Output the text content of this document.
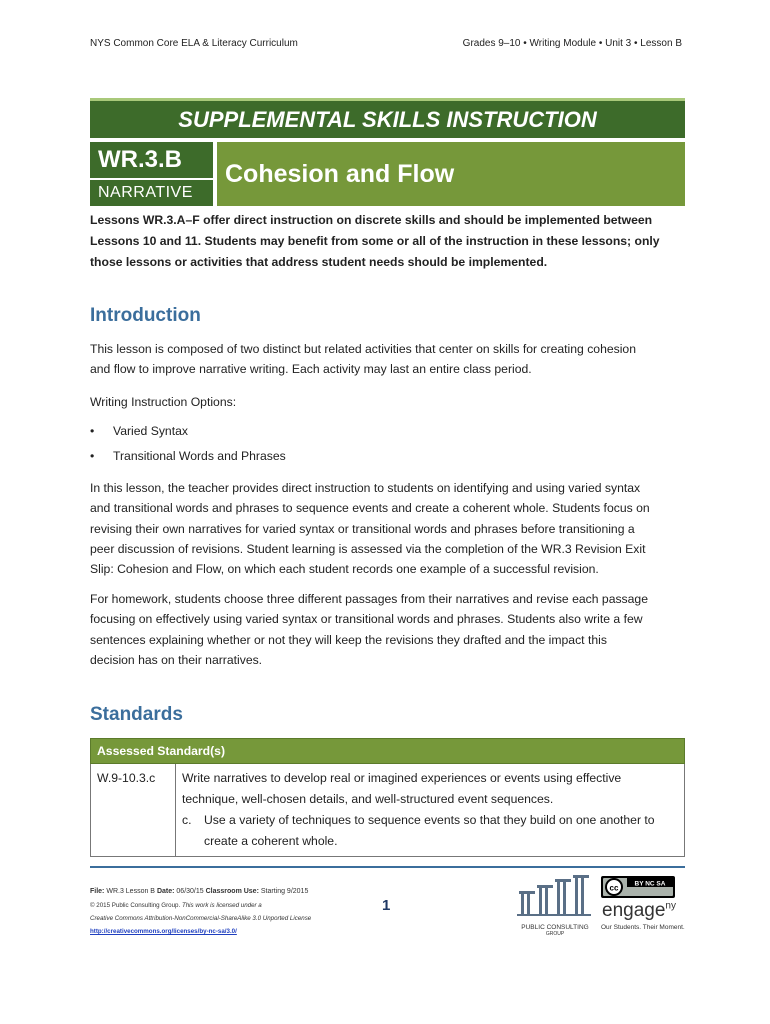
NYS Common Core ELA & Literacy Curriculum	Grades 9–10 • Writing Module • Unit 3 • Lesson B
SUPPLEMENTAL SKILLS INSTRUCTION
WR.3.B
NARRATIVE
Cohesion and Flow
Lessons WR.3.A–F offer direct instruction on discrete skills and should be implemented between
Lessons 10 and 11. Students may benefit from some or all of the instruction in these lessons; only
those lessons or activities that address student needs should be implemented.
Introduction
This lesson is composed of two distinct but related activities that center on skills for creating cohesion
and flow to improve narrative writing. Each activity may last an entire class period.
Writing Instruction Options:
• Varied Syntax
• Transitional Words and Phrases
In this lesson, the teacher provides direct instruction to students on identifying and using varied syntax
and transitional words and phrases to sequence events and create a coherent whole. Students focus on
revising their own narratives for varied syntax or transitional words and phrases before transitioning a
peer discussion of revisions. Student learning is assessed via the completion of the WR.3 Revision Exit
Slip: Cohesion and Flow, on which each student records one example of a successful revision.
For homework, students choose three different passages from their narratives and revise each passage
focusing on effectively using varied syntax or transitional words and phrases. Students also write a few
sentences explaining whether or not they will keep the revisions they drafted and the impact this
decision has on their narratives.
Standards
Assessed Standard(s)
W.9-10.3.c	Write narratives to develop real or imagined experiences or events using effective
technique, well-chosen details, and well-structured event sequences.
c.	Use a variety of techniques to sequence events so that they build on one another to
create a coherent whole.
File: WR.3 Lesson B Date: 06/30/15 Classroom Use: Starting 9/2015
© 2015 Public Consulting Group. This work is licensed under a
Creative Commons Attribution-NonCommercial-ShareAlike 3.0 Unported License
http://creativecommons.org/licenses/by-nc-sa/3.0/
1
PUBLIC CONSULTING
GROUP
cc BY NC SA
engage$^{ny}$
Our Students. Their Moment.
